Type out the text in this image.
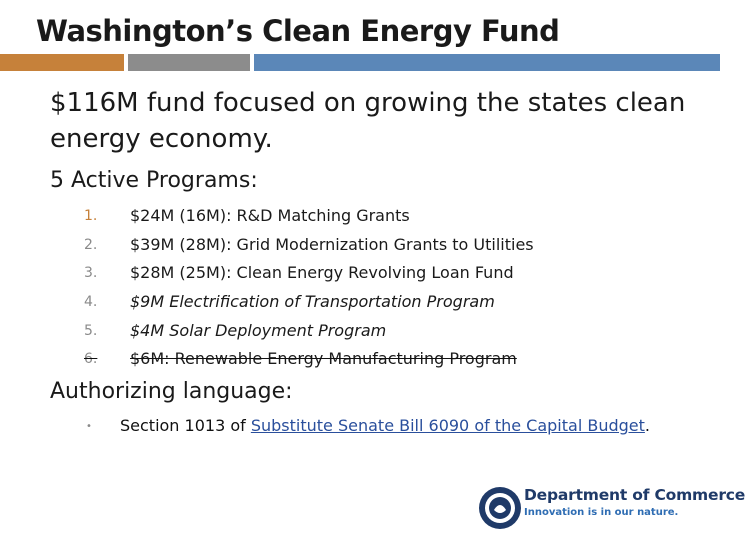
Washington’s Clean Energy Fund
$116M fund focused on growing the states clean energy economy.
5 Active Programs:
1.	$24M (16M): R&D Matching Grants
2.	$39M (28M): Grid Modernization Grants to Utilities
3.	$28M (25M): Clean Energy Revolving Loan Fund
4.	$9M Electrification of Transportation Program
5.	$4M Solar Deployment Program
6.	$6M: Renewable Energy Manufacturing Program
Authorizing language:
• Section 1013 of Substitute Senate Bill 6090 of the Capital Budget.
Department of Commerce
Innovation is in our nature.
